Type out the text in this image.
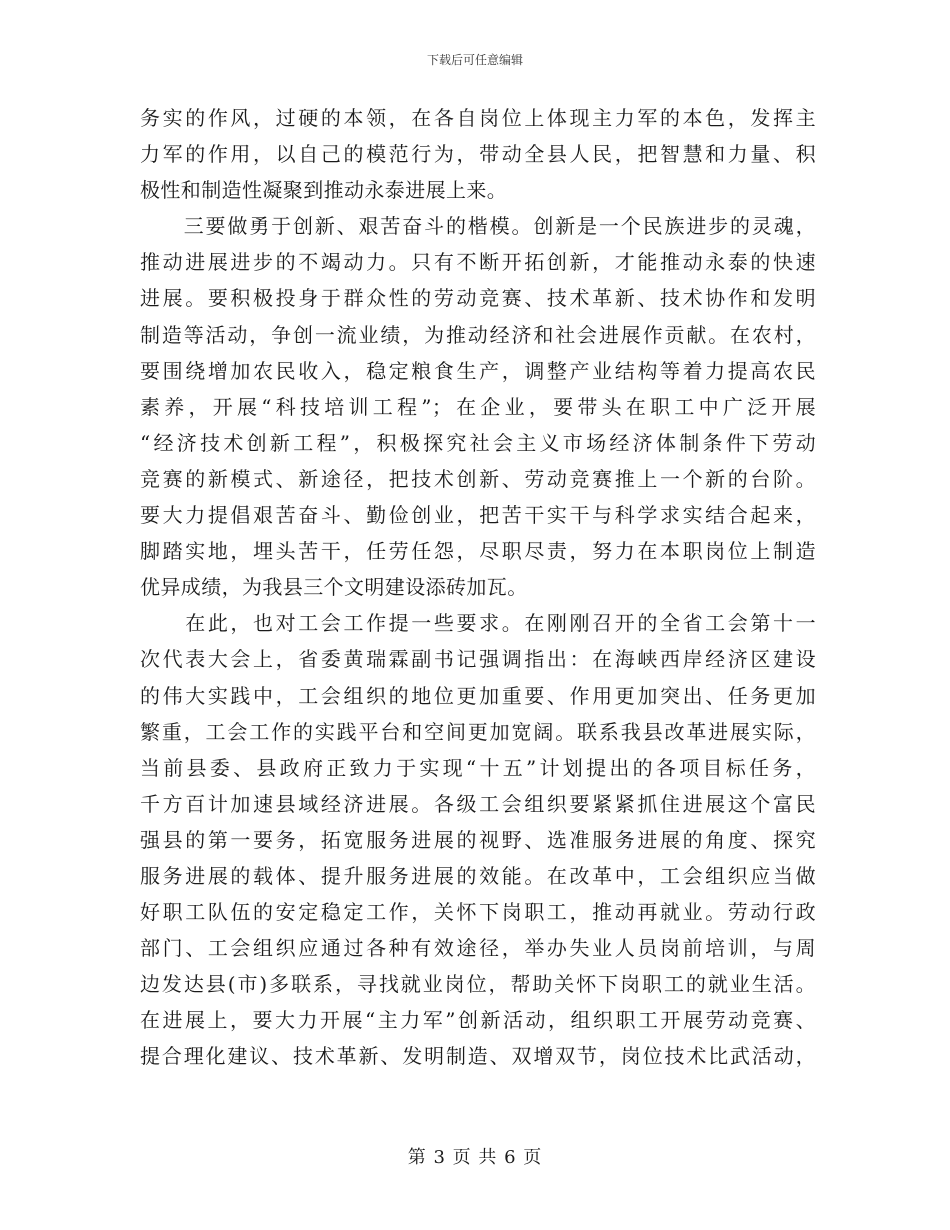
下载后可任意编辑
务实的作风，过硬的本领，在各自岗位上体现主力军的本色，发挥主
力军的作用，以自己的模范行为，带动全县人民，把智慧和力量、积
极性和制造性凝聚到推动永泰进展上来。
　　三要做勇于创新、艰苦奋斗的楷模。创新是一个民族进步的灵魂，
推动进展进步的不竭动力。只有不断开拓创新，才能推动永泰的快速
进展。要积极投身于群众性的劳动竞赛、技术革新、技术协作和发明
制造等活动，争创一流业绩，为推动经济和社会进展作贡献。在农村，
要围绕增加农民收入，稳定粮食生产，调整产业结构等着力提高农民
素养，开展“科技培训工程”；在企业，要带头在职工中广泛开展
“经济技术创新工程”，积极探究社会主义市场经济体制条件下劳动
竞赛的新模式、新途径，把技术创新、劳动竞赛推上一个新的台阶。
要大力提倡艰苦奋斗、勤俭创业，把苦干实干与科学求实结合起来，
脚踏实地，埋头苦干，任劳任怨，尽职尽责，努力在本职岗位上制造
优异成绩，为我县三个文明建设添砖加瓦。
　　在此，也对工会工作提一些要求。在刚刚召开的全省工会第十一
次代表大会上，省委黄瑞霖副书记强调指出：在海峡西岸经济区建设
的伟大实践中，工会组织的地位更加重要、作用更加突出、任务更加
繁重，工会工作的实践平台和空间更加宽阔。联系我县改革进展实际，
当前县委、县政府正致力于实现“十五”计划提出的各项目标任务，
千方百计加速县域经济进展。各级工会组织要紧紧抓住进展这个富民
强县的第一要务，拓宽服务进展的视野、选准服务进展的角度、探究
服务进展的载体、提升服务进展的效能。在改革中，工会组织应当做
好职工队伍的安定稳定工作，关怀下岗职工，推动再就业。劳动行政
部门、工会组织应通过各种有效途径，举办失业人员岗前培训，与周
边发达县(市)多联系，寻找就业岗位，帮助关怀下岗职工的就业生活。
在进展上，要大力开展“主力军”创新活动，组织职工开展劳动竞赛、
提合理化建议、技术革新、发明制造、双增双节，岗位技术比武活动，
第 3 页 共 6 页
